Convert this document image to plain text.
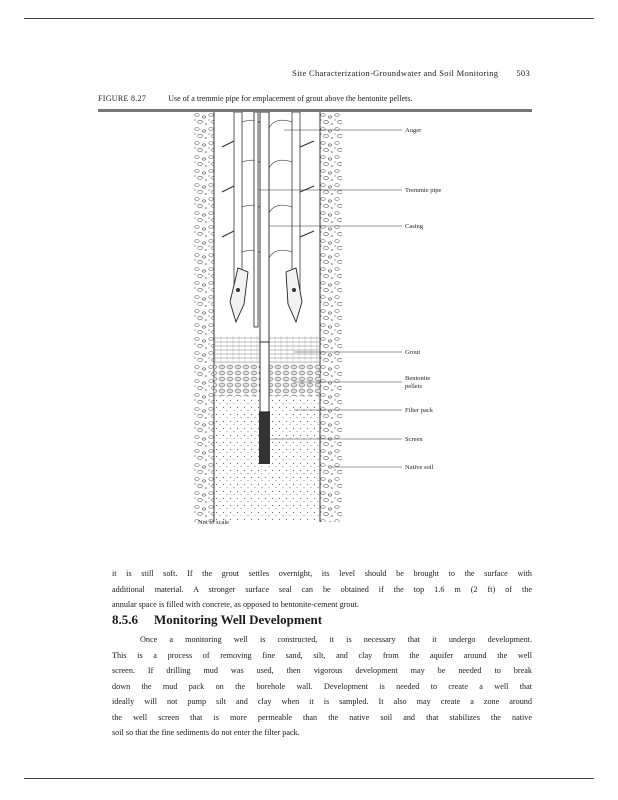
Site Characterization-Groundwater and Soil Monitoring 503
FIGURE 8.27	Use of a tremmie pipe for emplacement of grout above the bentonite pellets.
Auger
Tremmie pipe
Casing
Grout
Bentonite
pellets
Filter pack
Screen
Native soil
Not to scale
it is still soft. If the grout settles overnight, its level should be brought to the surface with
additional material. A stronger surface seal can be obtained if the top 1.6 m (2 ft) of the
annular space is filled with concrete, as opposed to bentonite-cement grout.
8.5.6 Monitoring Well Development
Once a monitoring well is constructed, it is necessary that it undergo development.
This is a process of removing fine sand, silt, and clay from the aquifer around the well
screen. If drilling mud was used, then vigorous development may be needed to break
down the mud pack on the borehole wall. Development is needed to create a well that
ideally will not pump silt and clay when it is sampled. It also may create a zone around
the well screen that is more permeable than the native soil and that stabilizes the native
soil so that the fine sediments do not enter the filter pack.
